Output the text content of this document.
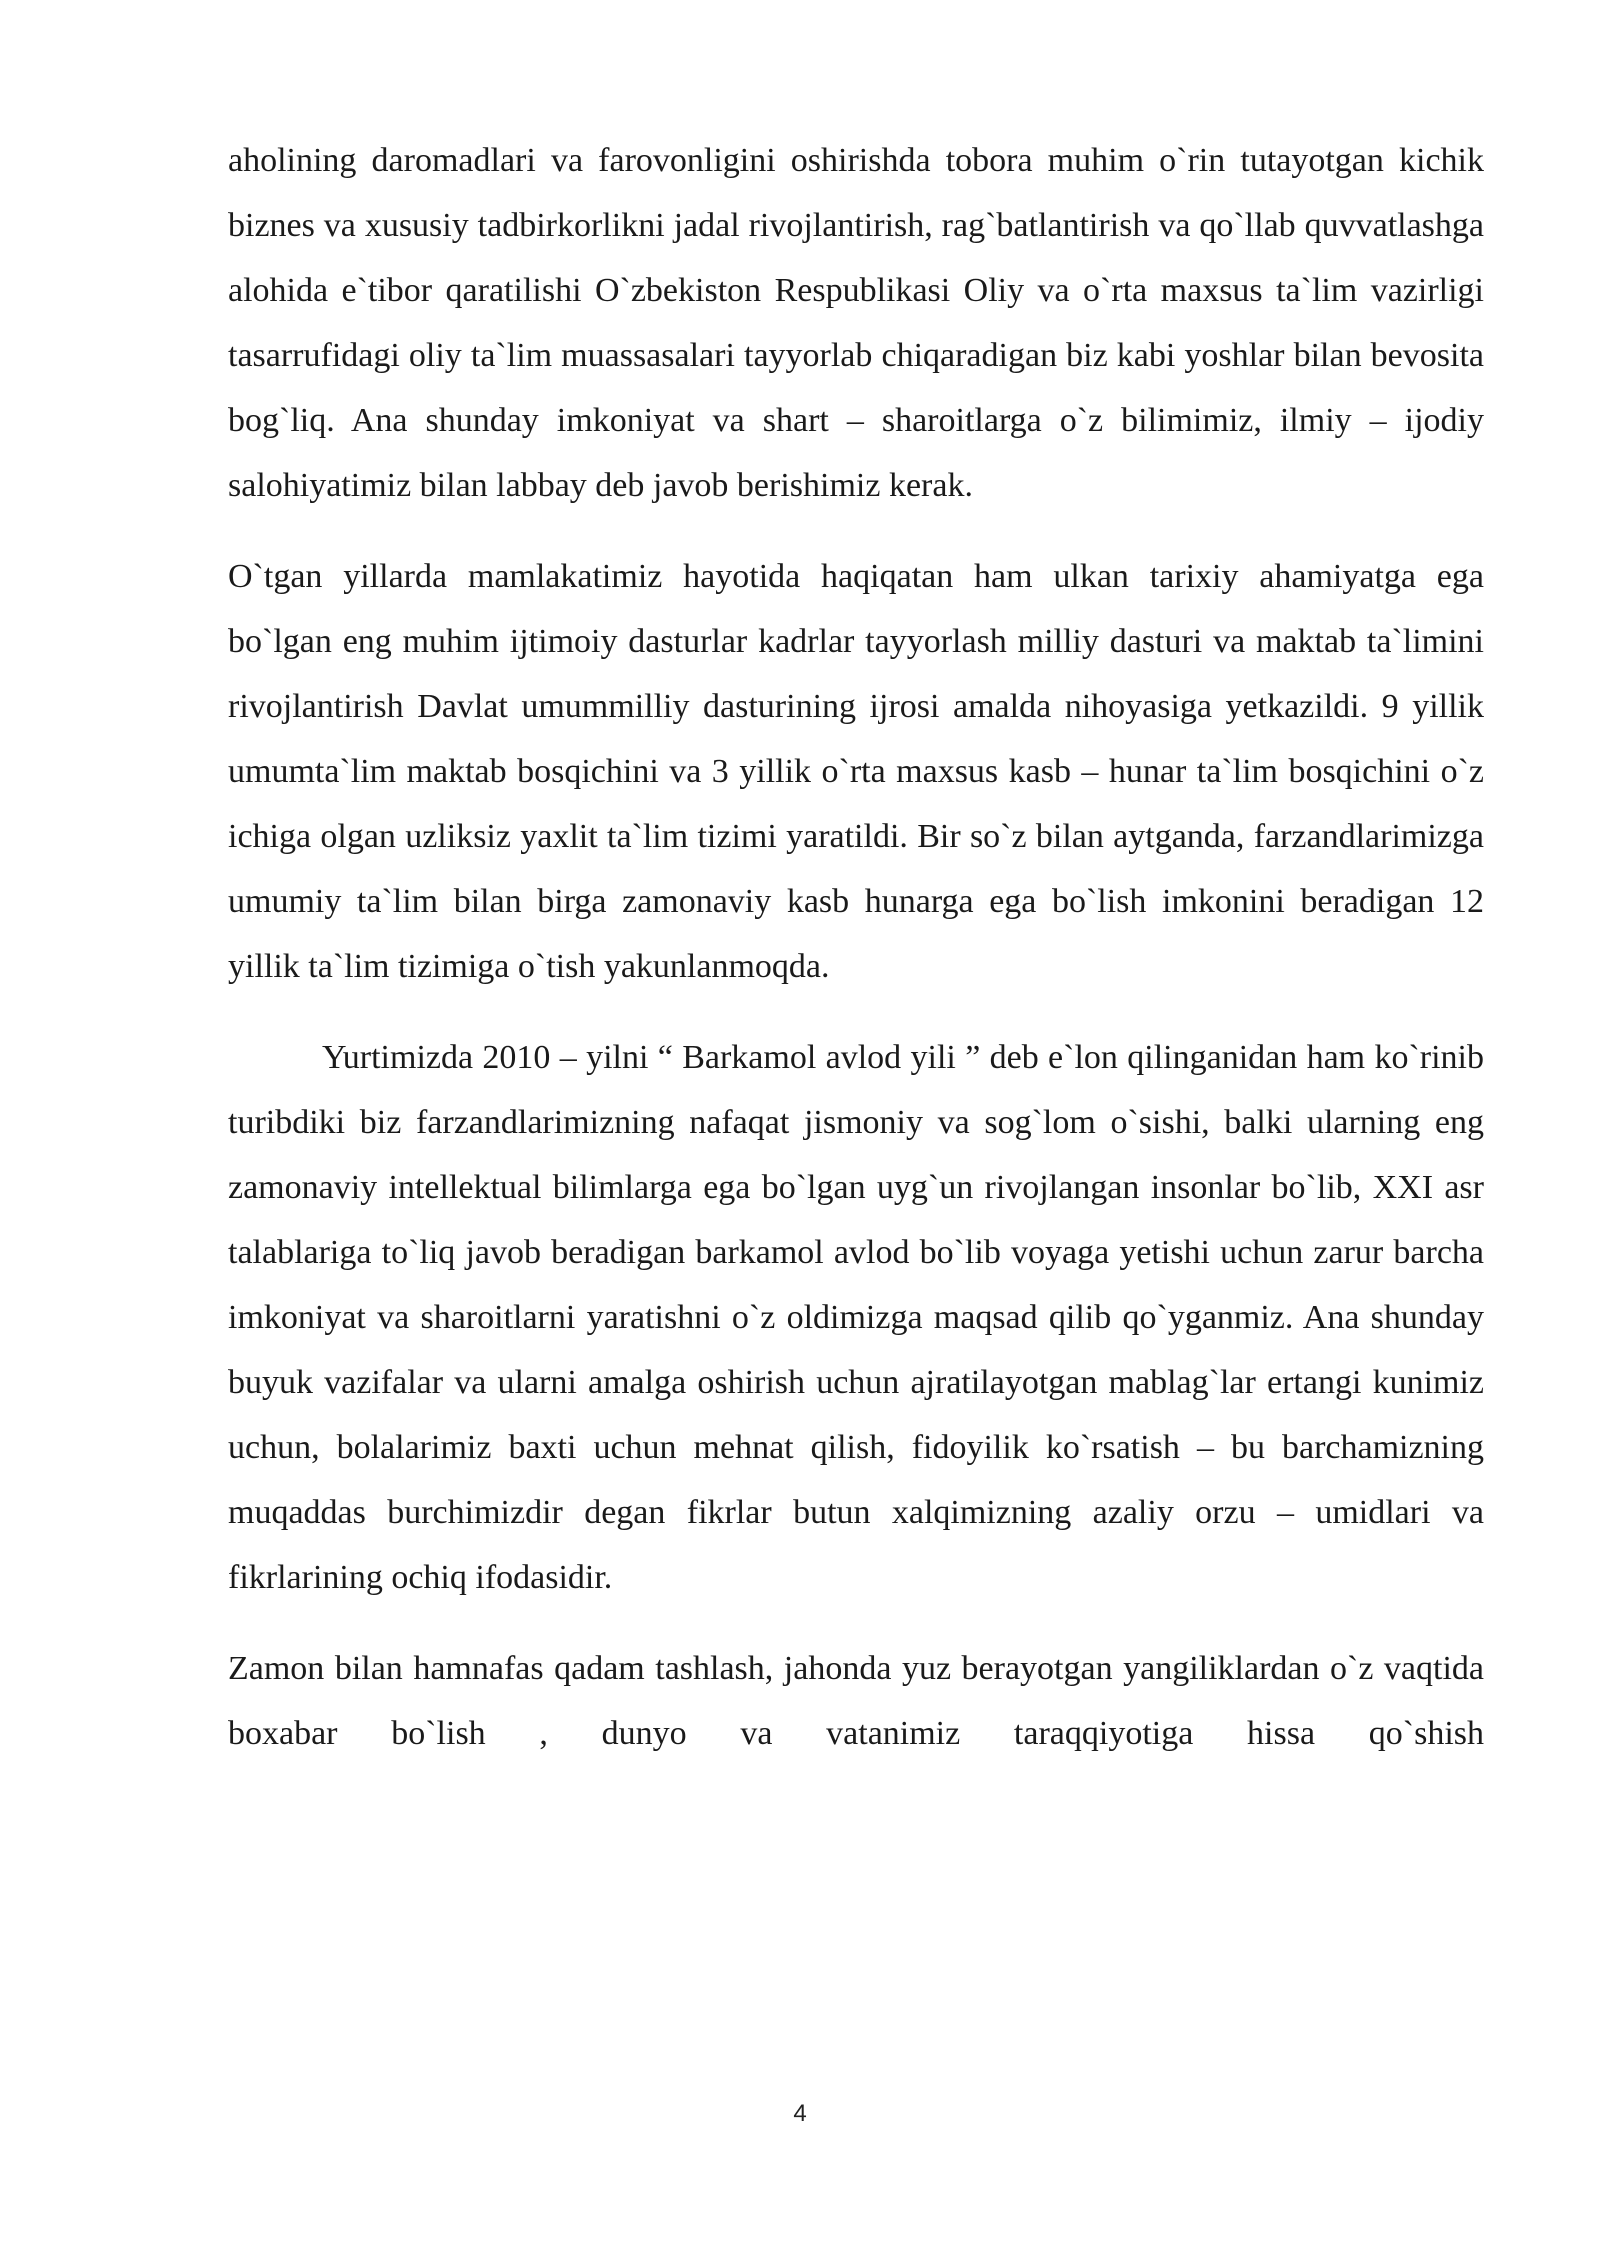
aholining daromadlari va farovonligini oshirishda tobora muhim o`rin tutayotgan kichik biznes va xususiy tadbirkorlikni jadal rivojlantirish, rag`batlantirish va qo`llab quvvatlashga alohida e`tibor qaratilishi O`zbekiston Respublikasi Oliy va o`rta maxsus ta`lim vazirligi tasarrufidagi oliy ta`lim muassasalari tayyorlab chiqaradigan biz kabi yoshlar bilan bevosita bog`liq. Ana shunday imkoniyat va shart – sharoitlarga o`z bilimimiz, ilmiy – ijodiy salohiyatimiz bilan labbay deb javob berishimiz kerak.

O`tgan yillarda mamlakatimiz hayotida haqiqatan ham ulkan tarixiy ahamiyatga ega bo`lgan eng muhim ijtimoiy dasturlar kadrlar tayyorlash milliy dasturi va maktab ta`limini rivojlantirish Davlat umummilliy dasturining ijrosi amalda nihoyasiga yetkazildi. 9 yillik umumta`lim maktab bosqichini va 3 yillik o`rta maxsus kasb – hunar ta`lim bosqichini o`z ichiga olgan uzliksiz yaxlit ta`lim tizimi yaratildi. Bir so`z bilan aytganda, farzandlarimizga umumiy ta`lim bilan birga zamonaviy kasb hunarga ega bo`lish imkonini beradigan 12 yillik ta`lim tizimiga o`tish yakunlanmoqda.

Yurtimizda 2010 – yilni “ Barkamol avlod yili ” deb e`lon qilinganidan ham ko`rinib turibdiki biz farzandlarimizning nafaqat jismoniy va sog`lom o`sishi, balki ularning eng zamonaviy intellektual bilimlarga ega bo`lgan uyg`un rivojlangan insonlar bo`lib, XXI asr talablariga to`liq javob beradigan barkamol avlod bo`lib voyaga yetishi uchun zarur barcha imkoniyat va sharoitlarni yaratishni o`z oldimizga maqsad qilib qo`yganmiz. Ana shunday buyuk vazifalar va ularni amalga oshirish uchun ajratilayotgan mablag`lar ertangi kunimiz uchun, bolalarimiz baxti uchun mehnat qilish, fidoyilik ko`rsatish – bu barchamizning muqaddas burchimizdir degan fikrlar butun xalqimizning azaliy orzu – umidlari va fikrlarining ochiq ifodasidir.

Zamon bilan hamnafas qadam tashlash, jahonda yuz berayotgan yangiliklardan o`z vaqtida boxabar bo`lish , dunyo va vatanimiz taraqqiyotiga hissa qo`shish

4
